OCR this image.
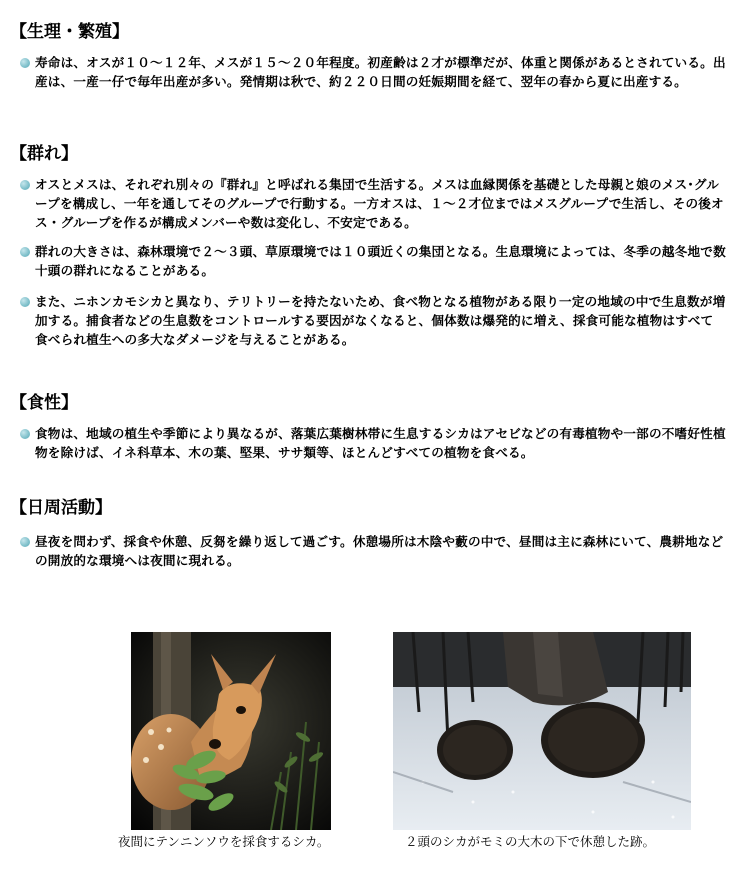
【生理・繁殖】
寿命は、オスが１０～１２年、メスが１５～２０年程度。初産齢は２才が標準だが、体重と関係があるとされている。出産は、一産一仔で毎年出産が多い。発情期は秋で、約２２０日間の妊娠期間を経て、翌年の春から夏に出産する。
【群れ】
オスとメスは、それぞれ別々の『群れ』と呼ばれる集団で生活する。メスは血縁関係を基礎とした母親と娘のメス･グループを構成し、一年を通してそのグループで行動する。一方オスは、１～２才位まではメスグループで生活し、その後オス・グループを作るが構成メンバーや数は変化し、不安定である。
群れの大きさは、森林環境で２～３頭、草原環境では１０頭近くの集団となる。生息環境によっては、冬季の越冬地で数十頭の群れになることがある。
また、ニホンカモシカと異なり、テリトリーを持たないため、食べ物となる植物がある限り一定の地域の中で生息数が増加する。捕食者などの生息数をコントロールする要因がなくなると、個体数は爆発的に増え、採食可能な植物はすべて食べられ植生への多大なダメージを与えることがある。
【食性】
食物は、地域の植生や季節により異なるが、落葉広葉樹林帯に生息するシカはアセビなどの有毒植物や一部の不嗜好性植物を除けば、イネ科草本、木の葉、堅果、ササ類等、ほとんどすべての植物を食べる。
【日周活動】
昼夜を問わず、採食や休憩、反芻を繰り返して過ごす。休憩場所は木陰や藪の中で、昼間は主に森林にいて、農耕地などの開放的な環境へは夜間に現れる。
夜間にテンニンソウを採食するシカ。	２頭のシカがモミの大木の下で休憩した跡。
